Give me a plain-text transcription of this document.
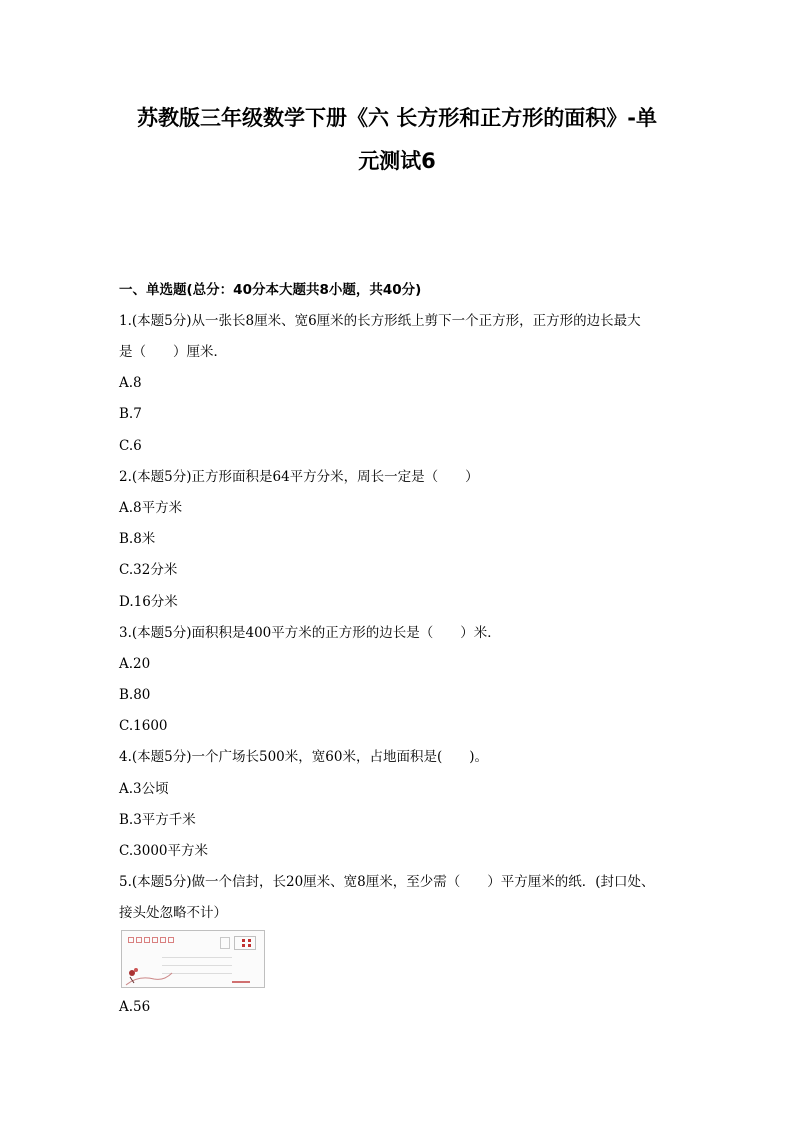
苏教版三年级数学下册《六 长方形和正方形的面积》-单
元测试6

一、单选题(总分：40分本大题共8小题，共40分)

1.(本题5分)从一张长8厘米、宽6厘米的长方形纸上剪下一个正方形，正方形的边长最大

是（　　）厘米．

A.8

B.7

C.6

2.(本题5分)正方形面积是64平方分米，周长一定是（　　）

A.8平方米

B.8米

C.32分米

D.16分米

3.(本题5分)面积积是400平方米的正方形的边长是（　　）米．

A.20

B.80

C.1600

4.(本题5分)一个广场长500米，宽60米，占地面积是(　　)。

A.3公顷

B.3平方千米

C.3000平方米

5.(本题5分)做一个信封，长20厘米、宽8厘米，至少需（　　）平方厘米的纸．(封口处、

接头处忽略不计）

A.56
